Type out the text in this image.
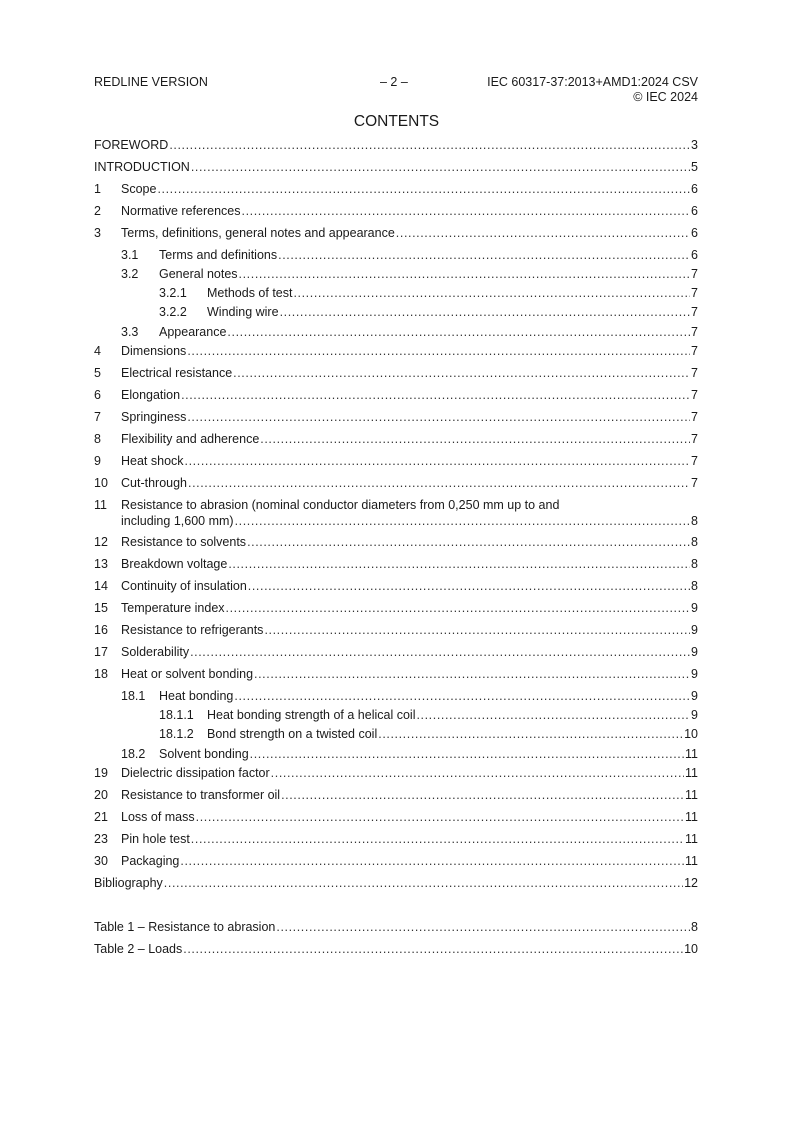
REDLINE VERSION	– 2 –	IEC 60317-37:2013+AMD1:2024 CSV
© IEC 2024
CONTENTS
FOREWORD .....	3
INTRODUCTION .....	5
1	Scope .....	6
2	Normative references .....	6
3	Terms, definitions, general notes and appearance .....	6
3.1	Terms and definitions .....	6
3.2	General notes .....	7
3.2.1	Methods of test .....	7
3.2.2	Winding wire .....	7
3.3	Appearance .....	7
4	Dimensions .....	7
5	Electrical resistance .....	7
6	Elongation .....	7
7	Springiness .....	7
8	Flexibility and adherence .....	7
9	Heat shock .....	7
10	Cut-through .....	7
11 Resistance to abrasion (nominal conductor diameters from 0,250 mm up to and
including 1,600 mm) .....	8
12	Resistance to solvents .....	8
13	Breakdown voltage .....	8
14	Continuity of insulation .....	8
15	Temperature index .....	9
16	Resistance to refrigerants .....	9
17	Solderability .....	9
18	Heat or solvent bonding .....	9
18.1	Heat bonding .....	9
18.1.1	Heat bonding strength of a helical coil .....	9
18.1.2	Bond strength on a twisted coil .....	10
18.2	Solvent bonding .....	11
19	Dielectric dissipation factor .....	11
20	Resistance to transformer oil .....	11
21	Loss of mass .....	11
23	Pin hole test .....	11
30	Packaging .....	11
Bibliography .....	12
Table 1 – Resistance to abrasion .....	8
Table 2 – Loads .....	10
